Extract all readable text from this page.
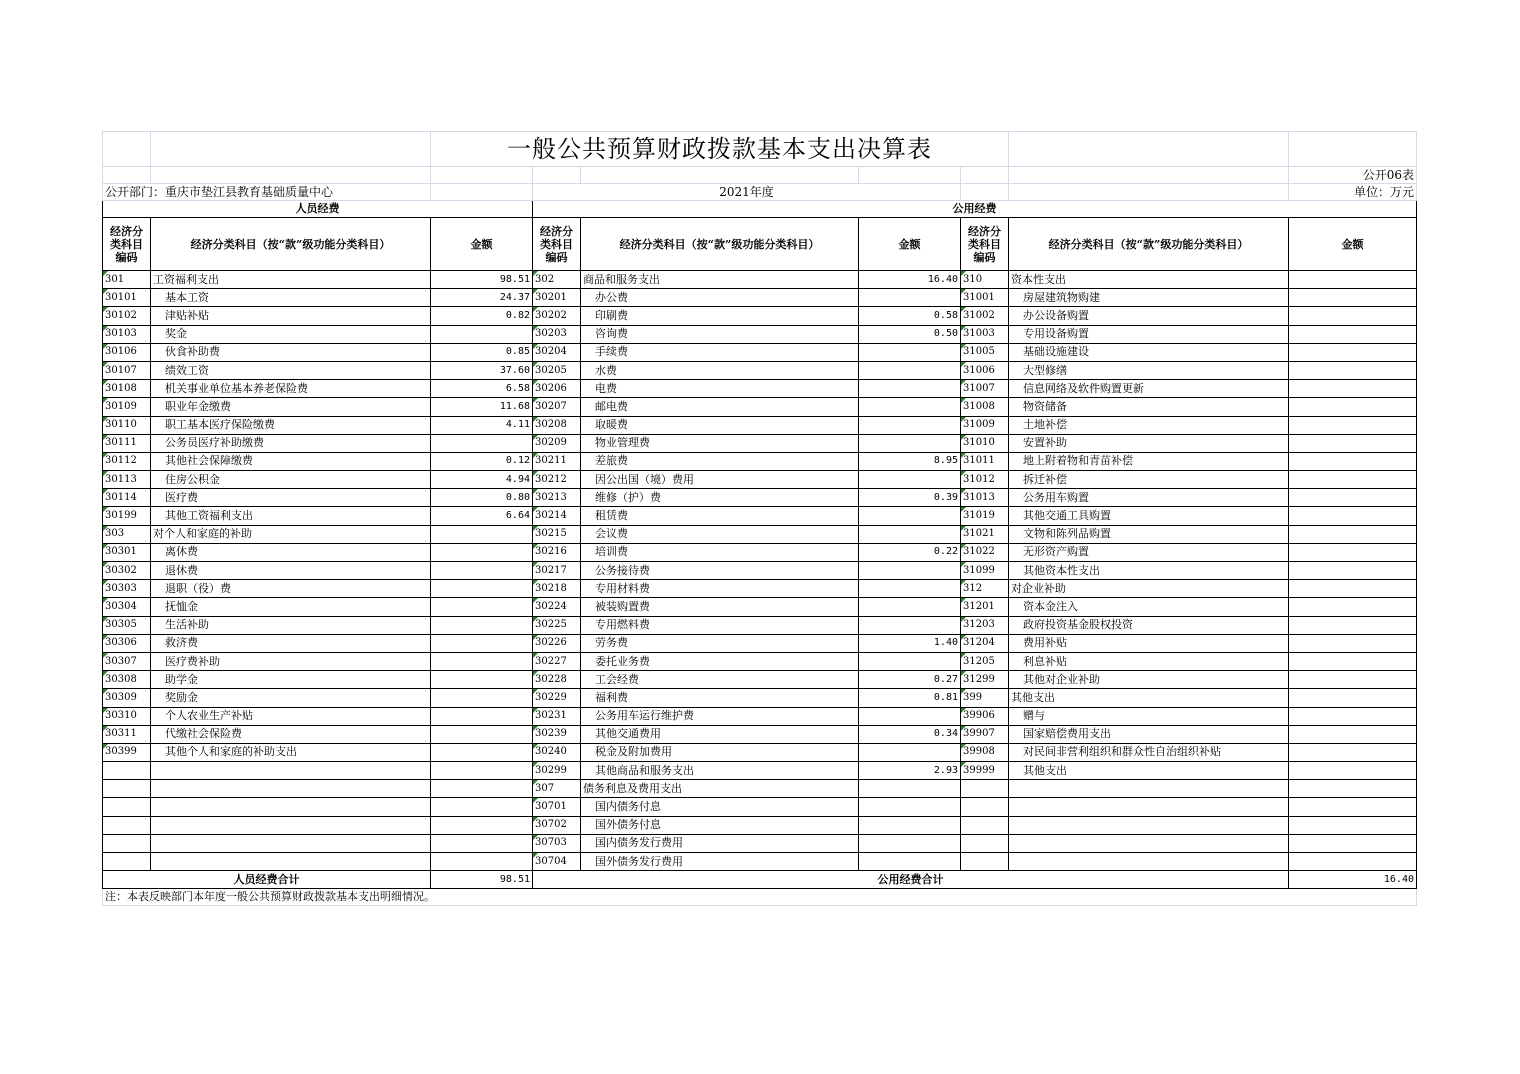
		一般公共预算财政拨款基本支出决算表						
								公开06表
公开部门：重庆市垫江县教育基础质量中心			2021年度					单位：万元
人员经费			公用经费					
经济分类科目编码	经济分类科目（按“款”级功能分类科目）	金额	经济分类科目编码	经济分类科目（按“款”级功能分类科目）	金额	经济分类科目编码	经济分类科目（按“款”级功能分类科目）	金额
301	工资福利支出	98.51	302	商品和服务支出	16.40	310	资本性支出	
30101	基本工资	24.37	30201	办公费		31001	房屋建筑物购建	
30102	津贴补贴	0.82	30202	印刷费	0.58	31002	办公设备购置	
30103	奖金		30203	咨询费	0.50	31003	专用设备购置	
30106	伙食补助费	0.85	30204	手续费		31005	基础设施建设	
30107	绩效工资	37.60	30205	水费		31006	大型修缮	
30108	机关事业单位基本养老保险费	6.58	30206	电费		31007	信息网络及软件购置更新	
30109	职业年金缴费	11.68	30207	邮电费		31008	物资储备	
30110	职工基本医疗保险缴费	4.11	30208	取暖费		31009	土地补偿	
30111	公务员医疗补助缴费		30209	物业管理费		31010	安置补助	
30112	其他社会保障缴费	0.12	30211	差旅费	8.95	31011	地上附着物和青苗补偿	
30113	住房公积金	4.94	30212	因公出国（境）费用		31012	拆迁补偿	
30114	医疗费	0.80	30213	维修（护）费	0.39	31013	公务用车购置	
30199	其他工资福利支出	6.64	30214	租赁费		31019	其他交通工具购置	
303	对个人和家庭的补助		30215	会议费		31021	文物和陈列品购置	
30301	离休费		30216	培训费	0.22	31022	无形资产购置	
30302	退休费		30217	公务接待费		31099	其他资本性支出	
30303	退职（役）费		30218	专用材料费		312	对企业补助	
30304	抚恤金		30224	被装购置费		31201	资本金注入	
30305	生活补助		30225	专用燃料费		31203	政府投资基金股权投资	
30306	救济费		30226	劳务费	1.40	31204	费用补贴	
30307	医疗费补助		30227	委托业务费		31205	利息补贴	
30308	助学金		30228	工会经费	0.27	31299	其他对企业补助	
30309	奖励金		30229	福利费	0.81	399	其他支出	
30310	个人农业生产补贴		30231	公务用车运行维护费		39906	赠与	
30311	代缴社会保险费		30239	其他交通费用	0.34	39907	国家赔偿费用支出	
30399	其他个人和家庭的补助支出		30240	税金及附加费用		39908	对民间非营利组织和群众性自治组织补贴	
			30299	其他商品和服务支出	2.93	39999	其他支出	
			307	债务利息及费用支出				
			30701	国内债务付息				
			30702	国外债务付息				
			30703	国内债务发行费用				
			30704	国外债务发行费用				
人员经费合计		98.51	公用经费合计					16.40
注：本表反映部门本年度一般公共预算财政拨款基本支出明细情况。								
